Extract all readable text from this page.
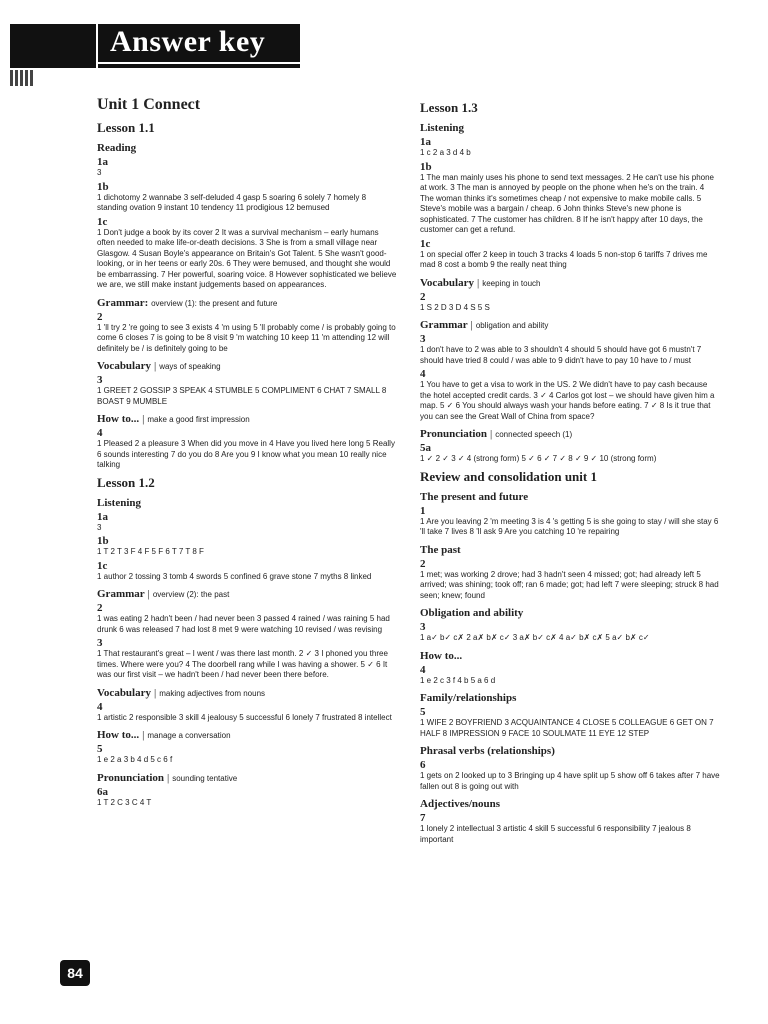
Answer key
Unit 1 Connect
Lesson 1.1
Reading
1a
3
1b
1 dichotomy 2 wannabe 3 self-deluded 4 gasp 5 soaring 6 solely 7 homely 8 standing ovation 9 instant 10 tendency 11 prodigious 12 bemused
1c
1 Don't judge a book by its cover 2 It was a survival mechanism – early humans often needed to make life-or-death decisions. 3 She is from a small village near Glasgow. 4 Susan Boyle's appearance on Britain's Got Talent. 5 She wasn't good-looking, or in her teens or early 20s. 6 They were bemused, and thought she would be embarrassing. 7 Her powerful, soaring voice. 8 However sophisticated we believe we are, we still make instant judgements based on appearances.
Grammar: overview (1): the present and future
2
1 'll try 2 're going to see 3 exists 4 'm using 5 'll probably come / is probably going to come 6 closes 7 is going to be 8 visit 9 'm watching 10 keep 11 'm attending 12 will definitely be / is definitely going to be
Vocabulary | ways of speaking
3
1 GREET 2 GOSSIP 3 SPEAK 4 STUMBLE 5 COMPLIMENT 6 CHAT 7 SMALL 8 BOAST 9 MUMBLE
How to... | make a good first impression
4
1 Pleased 2 a pleasure 3 When did you move in 4 Have you lived here long 5 Really 6 sounds interesting 7 do you do 8 Are you 9 I know what you mean 10 really nice talking
Lesson 1.2
Listening
1a
3
1b
1 T 2 T 3 F 4 F 5 F 6 T 7 T 8 F
1c
1 author 2 tossing 3 tomb 4 swords 5 confined 6 grave stone 7 myths 8 linked
Grammar | overview (2): the past
2
1 was eating 2 hadn't been / had never been 3 passed 4 rained / was raining 5 had drunk 6 was released 7 had lost 8 met 9 were watching 10 revised / was revising
3
1 That restaurant's great – I went / was there last month. 2 ✓ 3 I phoned you three times. Where were you? 4 The doorbell rang while I was having a shower. 5 ✓ 6 It was our first visit – we hadn't been / had never been there before.
Vocabulary | making adjectives from nouns
4
1 artistic 2 responsible 3 skill 4 jealousy 5 successful 6 lonely 7 frustrated 8 intellect
How to... | manage a conversation
5
1 e 2 a 3 b 4 d 5 c 6 f
Pronunciation | sounding tentative
6a
1 T 2 C 3 C 4 T
Lesson 1.3
Listening
1a
1 c 2 a 3 d 4 b
1b
1 The man mainly uses his phone to send text messages. 2 He can't use his phone at work. 3 The man is annoyed by people on the phone when he's on the train. 4 The woman thinks it's sometimes cheap / not expensive to make mobile calls. 5 Steve's mobile was a bargain / cheap. 6 John thinks Steve's new phone is sophisticated. 7 The customer has children. 8 If he isn't happy after 10 days, the customer can get a refund.
1c
1 on special offer 2 keep in touch 3 tracks 4 loads 5 non-stop 6 tariffs 7 drives me mad 8 cost a bomb 9 the really neat thing
Vocabulary | keeping in touch
2
1 S 2 D 3 D 4 S 5 S
Grammar | obligation and ability
3
1 don't have to 2 was able to 3 shouldn't 4 should 5 should have got 6 mustn't 7 should have tried 8 could / was able to 9 didn't have to pay 10 have to / must
4
1 You have to get a visa to work in the US. 2 We didn't have to pay cash because the hotel accepted credit cards. 3 ✓ 4 Carlos got lost – we should have given him a map. 5 ✓ 6 You should always wash your hands before eating. 7 ✓ 8 Is it true that you can see the Great Wall of China from space?
Pronunciation | connected speech (1)
5a
1 ✓ 2 ✓ 3 ✓ 4 (strong form) 5 ✓ 6 ✓ 7 ✓ 8 ✓ 9 ✓ 10 (strong form)
Review and consolidation unit 1
The present and future
1
1 Are you leaving 2 'm meeting 3 is 4 's getting 5 is she going to stay / will she stay 6 'll take 7 lives 8 'll ask 9 Are you catching 10 're repairing
The past
2
1 met; was working 2 drove; had 3 hadn't seen 4 missed; got; had already left 5 arrived; was shining; took off; ran 6 made; got; had left 7 were sleeping; struck 8 had seen; knew; found
Obligation and ability
3
1 a✓ b✓ c✗ 2 a✗ b✗ c✓ 3 a✗ b✓ c✗ 4 a✓ b✗ c✗ 5 a✓ b✗ c✓
How to...
4
1 e 2 c 3 f 4 b 5 a 6 d
Family/relationships
5
1 WIFE 2 BOYFRIEND 3 ACQUAINTANCE 4 CLOSE 5 COLLEAGUE 6 GET ON 7 HALF 8 IMPRESSION 9 FACE 10 SOULMATE 11 EYE 12 STEP
Phrasal verbs (relationships)
6
1 gets on 2 looked up to 3 Bringing up 4 have split up 5 show off 6 takes after 7 have fallen out 8 is going out with
Adjectives/nouns
7
1 lonely 2 intellectual 3 artistic 4 skill 5 successful 6 responsibility 7 jealous 8 important
84
